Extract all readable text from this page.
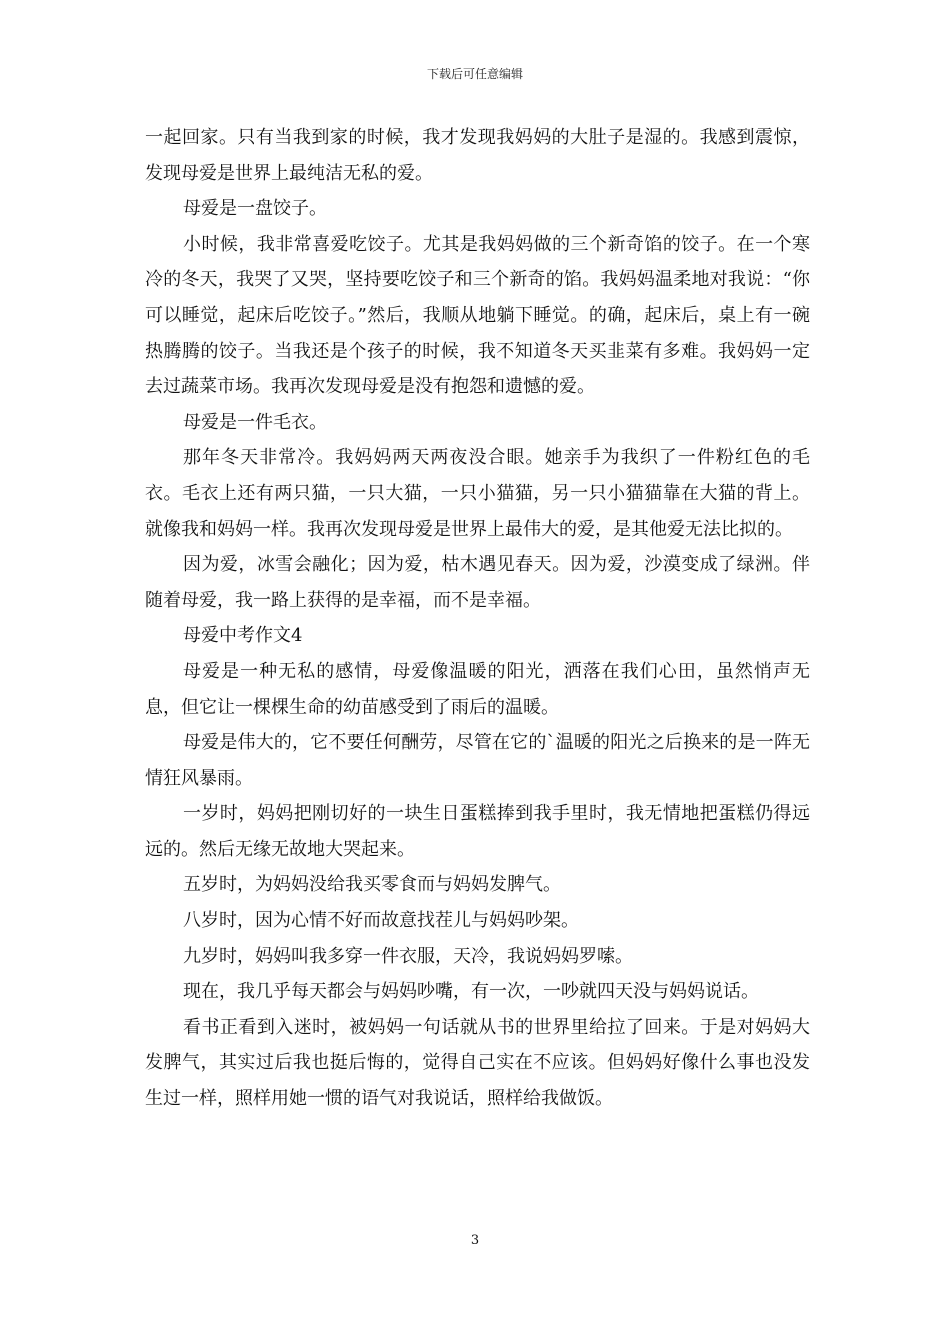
下载后可任意编辑

一起回家。只有当我到家的时候，我才发现我妈妈的大肚子是湿的。我感到震惊，发现母爱是世界上最纯洁无私的爱。

母爱是一盘饺子。

小时候，我非常喜爱吃饺子。尤其是我妈妈做的三个新奇馅的饺子。在一个寒冷的冬天，我哭了又哭，坚持要吃饺子和三个新奇的馅。我妈妈温柔地对我说：“你可以睡觉，起床后吃饺子。”然后，我顺从地躺下睡觉。的确，起床后，桌上有一碗热腾腾的饺子。当我还是个孩子的时候，我不知道冬天买韭菜有多难。我妈妈一定去过蔬菜市场。我再次发现母爱是没有抱怨和遗憾的爱。

母爱是一件毛衣。

那年冬天非常冷。我妈妈两天两夜没合眼。她亲手为我织了一件粉红色的毛衣。毛衣上还有两只猫，一只大猫，一只小猫猫，另一只小猫猫靠在大猫的背上。就像我和妈妈一样。我再次发现母爱是世界上最伟大的爱，是其他爱无法比拟的。

因为爱，冰雪会融化；因为爱，枯木遇见春天。因为爱，沙漠变成了绿洲。伴随着母爱，我一路上获得的是幸福，而不是幸福。

母爱中考作文4

母爱是一种无私的感情，母爱像温暖的阳光，洒落在我们心田，虽然悄声无息，但它让一棵棵生命的幼苗感受到了雨后的温暖。

母爱是伟大的，它不要任何酬劳，尽管在它的`温暖的阳光之后换来的是一阵无情狂风暴雨。

一岁时，妈妈把刚切好的一块生日蛋糕捧到我手里时，我无情地把蛋糕仍得远远的。然后无缘无故地大哭起来。

五岁时，为妈妈没给我买零食而与妈妈发脾气。

八岁时，因为心情不好而故意找茬儿与妈妈吵架。

九岁时，妈妈叫我多穿一件衣服，天冷，我说妈妈罗嗦。

现在，我几乎每天都会与妈妈吵嘴，有一次，一吵就四天没与妈妈说话。

看书正看到入迷时，被妈妈一句话就从书的世界里给拉了回来。于是对妈妈大发脾气，其实过后我也挺后悔的，觉得自己实在不应该。但妈妈好像什么事也没发生过一样，照样用她一惯的语气对我说话，照样给我做饭。

3
